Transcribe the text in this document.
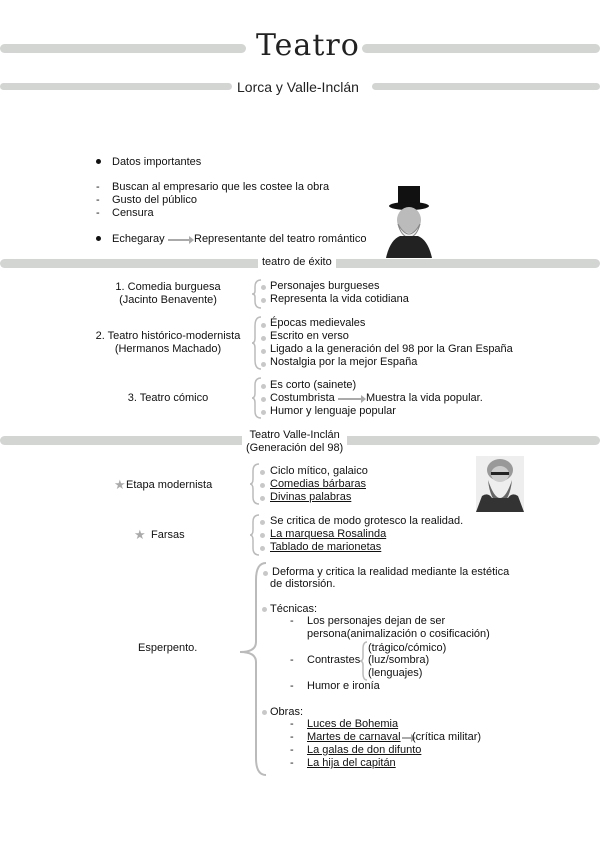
Teatro
Lorca y Valle-Inclán
Datos importantes
- Buscan al empresario que les costee la obra
- Gusto del público
- Censura
Echegaray	Representante del teatro romántico
teatro de éxito
1. Comedia burguesa
(Jacinto Benavente)
Personajes burgueses
Representa la vida cotidiana
2. Teatro histórico-modernista
(Hermanos Machado)
Épocas medievales
Escrito en verso
Ligado a la generación del 98 por la Gran España
Nostalgia por la mejor España
3. Teatro cómico
Es corto (sainete)
Costumbrista	Muestra la vida popular.
Humor y lenguaje popular
Teatro Valle-Inclán
(Generación del 98)
★ Etapa modernista
Ciclo mítico, galaico
Comedias bárbaras
Divinas palabras
★ Farsas
Se critica de modo grotesco la realidad.
La marquesa Rosalinda
Tablado de marionetas
Esperpento.
Deforma y critica la realidad mediante la estética
de distorsión.
Técnicas:
- Los personajes dejan de ser
persona(animalización o cosificación)
(trágico/cómico)
- Contrastes (luz/sombra)
(lenguajes)
- Humor e ironía
Obras:
- Luces de Bohemia
- Martes de carnaval (crítica militar)
- La galas de don difunto
- La hija del capitán
